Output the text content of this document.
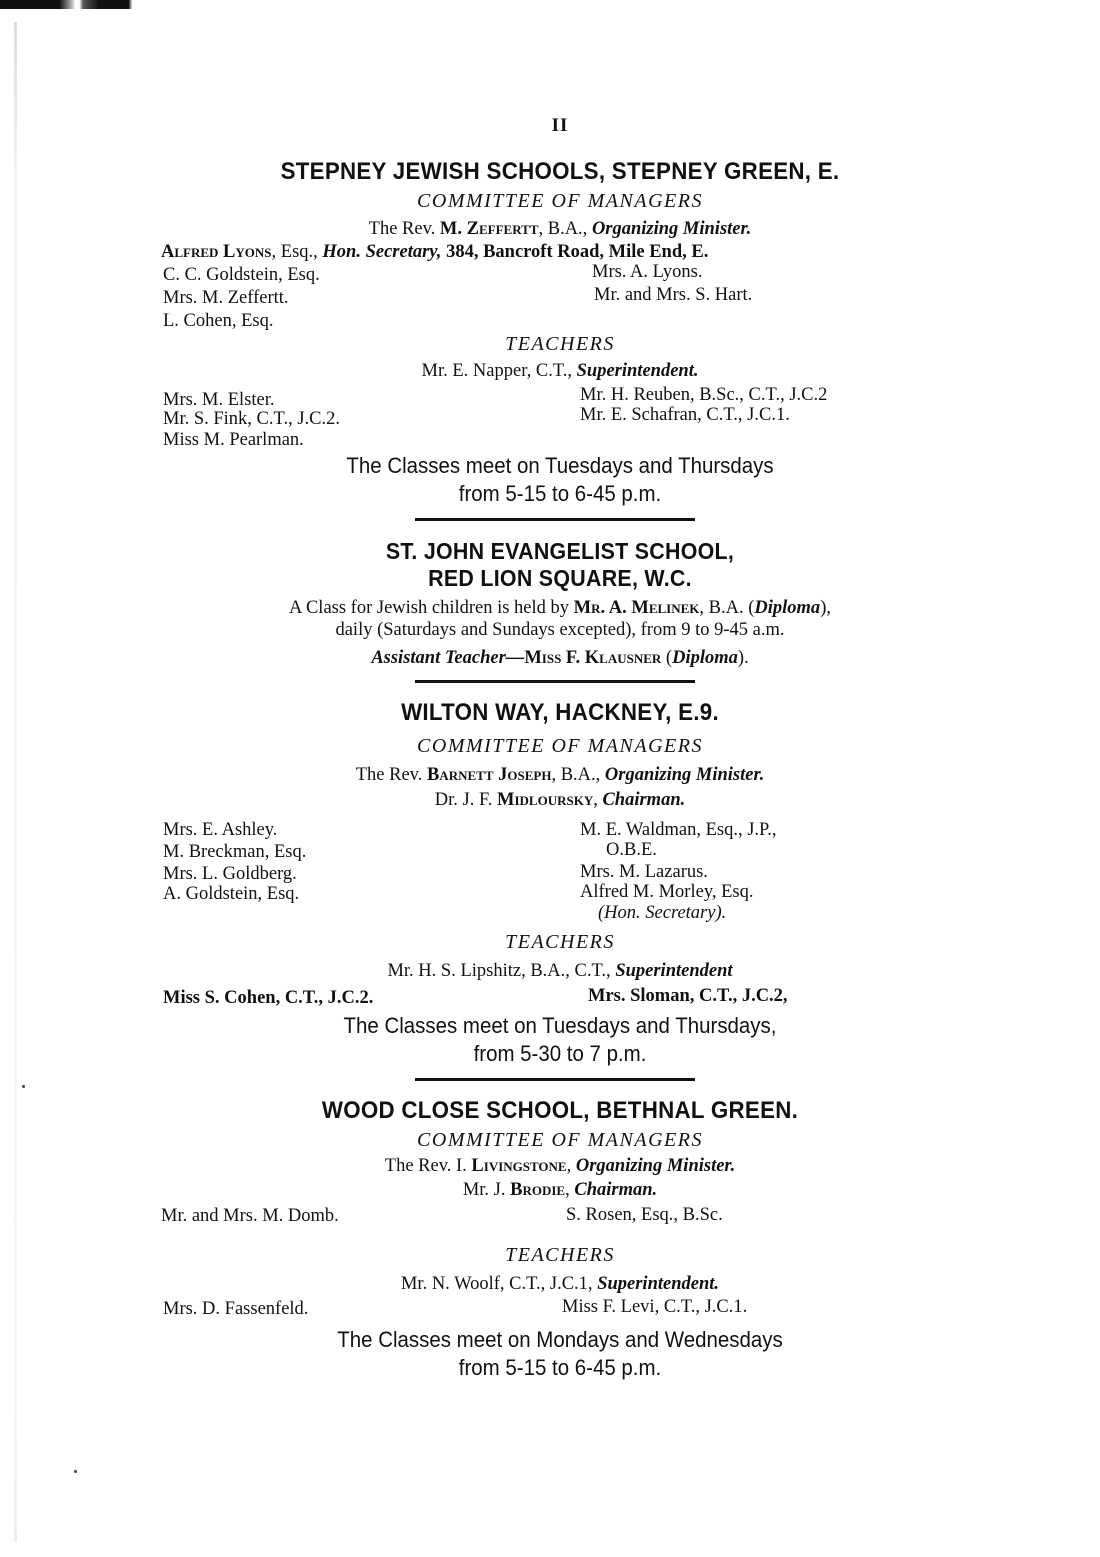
II
STEPNEY JEWISH SCHOOLS, STEPNEY GREEN, E.
COMMITTEE OF MANAGERS
The Rev. M. Zeffertt, B.A., Organizing Minister.
Alfred Lyons, Esq., Hon. Secretary, 384, Bancroft Road, Mile End, E.
C. C. Goldstein, Esq.
Mrs. M. Zeffertt.
L. Cohen, Esq.
Mrs. A. Lyons.
Mr. and Mrs. S. Hart.
TEACHERS
Mr. E. Napper, C.T., Superintendent.
Mrs. M. Elster.
Mr. S. Fink, C.T., J.C.2.
Miss M. Pearlman.
Mr. H. Reuben, B.Sc., C.T., J.C.2
Mr. E. Schafran, C.T., J.C.1.
The Classes meet on Tuesdays and Thursdays
from 5-15 to 6-45 p.m.
ST. JOHN EVANGELIST SCHOOL,
RED LION SQUARE, W.C.
A Class for Jewish children is held by Mr. A. Melinek, B.A. (Diploma),
daily (Saturdays and Sundays excepted), from 9 to 9-45 a.m.
Assistant Teacher—Miss F. Klausner (Diploma).
WILTON WAY, HACKNEY, E.9.
COMMITTEE OF MANAGERS
The Rev. Barnett Joseph, B.A., Organizing Minister.
Dr. J. F. Midloursky, Chairman.
Mrs. E. Ashley.
M. Breckman, Esq.
Mrs. L. Goldberg.
A. Goldstein, Esq.
M. E. Waldman, Esq., J.P.,
O.B.E.
Mrs. M. Lazarus.
Alfred M. Morley, Esq.
(Hon. Secretary).
TEACHERS
Mr. H. S. Lipshitz, B.A., C.T., Superintendent
Miss S. Cohen, C.T., J.C.2.	Mrs. Sloman, C.T., J.C.2,
The Classes meet on Tuesdays and Thursdays,
from 5-30 to 7 p.m.
WOOD CLOSE SCHOOL, BETHNAL GREEN.
COMMITTEE OF MANAGERS
The Rev. I. Livingstone, Organizing Minister.
Mr. J. Brodie, Chairman.
Mr. and Mrs. M. Domb.	S. Rosen, Esq., B.Sc.
TEACHERS
Mr. N. Woolf, C.T., J.C.1, Superintendent.
Mrs. D. Fassenfeld.	Miss F. Levi, C.T., J.C.1.
The Classes meet on Mondays and Wednesdays
from 5-15 to 6-45 p.m.
